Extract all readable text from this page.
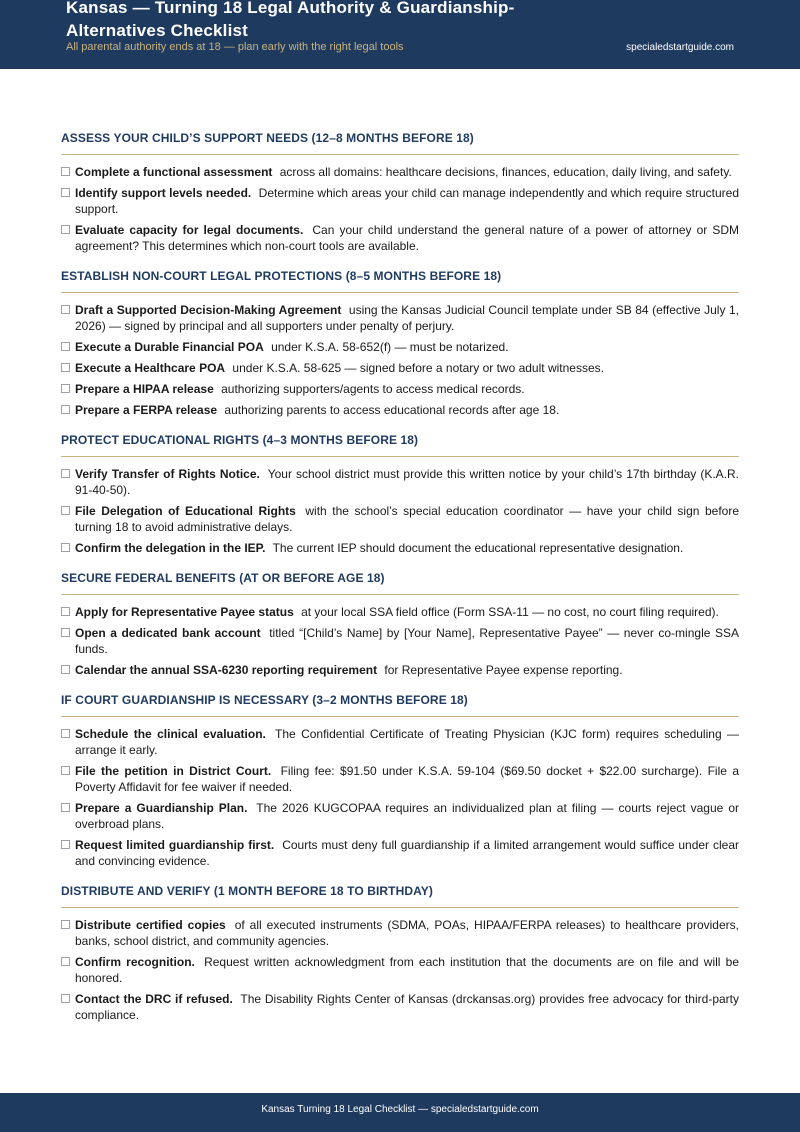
Kansas — Turning 18 Legal Authority & Guardianship-Alternatives Checklist
All parental authority ends at 18 — plan early with the right legal tools	specialedstartguide.com
ASSESS YOUR CHILD’S SUPPORT NEEDS (12–8 MONTHS BEFORE 18)
Complete a functional assessment across all domains: healthcare decisions, finances, education, daily living, and safety.
Identify support levels needed. Determine which areas your child can manage independently and which require structured support.
Evaluate capacity for legal documents. Can your child understand the general nature of a power of attorney or SDM agreement? This determines which non-court tools are available.
ESTABLISH NON-COURT LEGAL PROTECTIONS (8–5 MONTHS BEFORE 18)
Draft a Supported Decision-Making Agreement using the Kansas Judicial Council template under SB 84 (effective July 1, 2026) — signed by principal and all supporters under penalty of perjury.
Execute a Durable Financial POA under K.S.A. 58-652(f) — must be notarized.
Execute a Healthcare POA under K.S.A. 58-625 — signed before a notary or two adult witnesses.
Prepare a HIPAA release authorizing supporters/agents to access medical records.
Prepare a FERPA release authorizing parents to access educational records after age 18.
PROTECT EDUCATIONAL RIGHTS (4–3 MONTHS BEFORE 18)
Verify Transfer of Rights Notice. Your school district must provide this written notice by your child’s 17th birthday (K.A.R. 91-40-50).
File Delegation of Educational Rights with the school’s special education coordinator — have your child sign before turning 18 to avoid administrative delays.
Confirm the delegation in the IEP. The current IEP should document the educational representative designation.
SECURE FEDERAL BENEFITS (AT OR BEFORE AGE 18)
Apply for Representative Payee status at your local SSA field office (Form SSA-11 — no cost, no court filing required).
Open a dedicated bank account titled “[Child’s Name] by [Your Name], Representative Payee” — never co-mingle SSA funds.
Calendar the annual SSA-6230 reporting requirement for Representative Payee expense reporting.
IF COURT GUARDIANSHIP IS NECESSARY (3–2 MONTHS BEFORE 18)
Schedule the clinical evaluation. The Confidential Certificate of Treating Physician (KJC form) requires scheduling — arrange it early.
File the petition in District Court. Filing fee: $91.50 under K.S.A. 59-104 ($69.50 docket + $22.00 surcharge). File a Poverty Affidavit for fee waiver if needed.
Prepare a Guardianship Plan. The 2026 KUGCOPAA requires an individualized plan at filing — courts reject vague or overbroad plans.
Request limited guardianship first. Courts must deny full guardianship if a limited arrangement would suffice under clear and convincing evidence.
DISTRIBUTE AND VERIFY (1 MONTH BEFORE 18 TO BIRTHDAY)
Distribute certified copies of all executed instruments (SDMA, POAs, HIPAA/FERPA releases) to healthcare providers, banks, school district, and community agencies.
Confirm recognition. Request written acknowledgment from each institution that the documents are on file and will be honored.
Contact the DRC if refused. The Disability Rights Center of Kansas (drckansas.org) provides free advocacy for third-party compliance.
Kansas Turning 18 Legal Checklist — specialedstartguide.com
